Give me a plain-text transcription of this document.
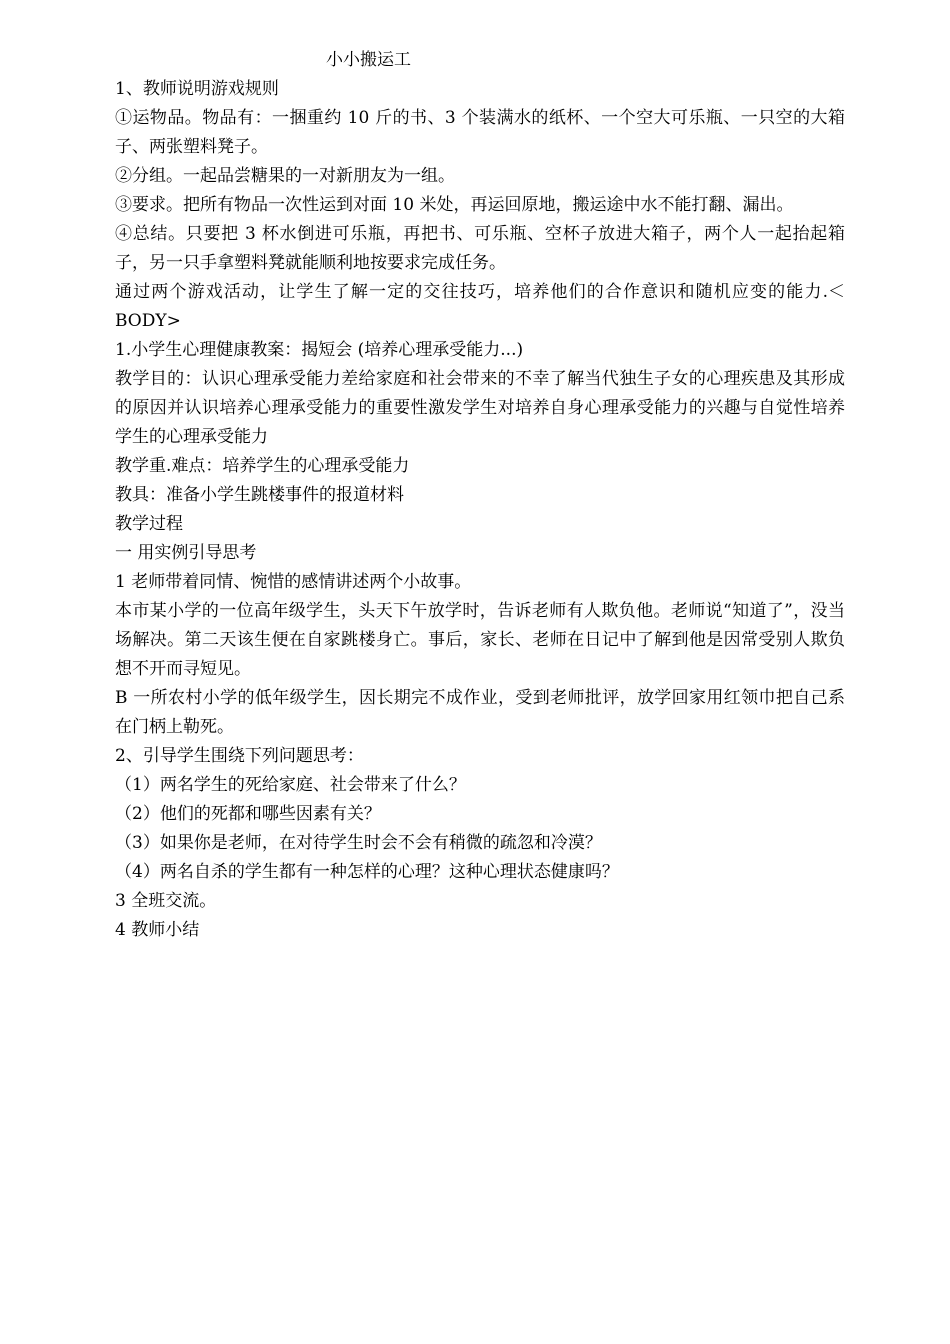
小小搬运工

1、教师说明游戏规则

①运物品。物品有：一捆重约 10 斤的书、3 个装满水的纸杯、一个空大可乐瓶、一只空的大箱子、两张塑料凳子。

②分组。一起品尝糖果的一对新朋友为一组。

③要求。把所有物品一次性运到对面 10 米处，再运回原地，搬运途中水不能打翻、漏出。

④总结。只要把 3 杯水倒进可乐瓶，再把书、可乐瓶、空杯子放进大箱子，两个人一起抬起箱子，另一只手拿塑料凳就能顺利地按要求完成任务。

通过两个游戏活动，让学生了解一定的交往技巧，培养他们的合作意识和随机应变的能力.＜BODY>

1.小学生心理健康教案：揭短会 (培养心理承受能力...)

教学目的：认识心理承受能力差给家庭和社会带来的不幸了解当代独生子女的心理疾患及其形成的原因并认识培养心理承受能力的重要性激发学生对培养自身心理承受能力的兴趣与自觉性培养学生的心理承受能力

教学重.难点：培养学生的心理承受能力

教具：准备小学生跳楼事件的报道材料

教学过程

一 用实例引导思考

1 老师带着同情、惋惜的感情讲述两个小故事。

本市某小学的一位高年级学生，头天下午放学时，告诉老师有人欺负他。老师说“知道了”，没当场解决。第二天该生便在自家跳楼身亡。事后，家长、老师在日记中了解到他是因常受别人欺负想不开而寻短见。

B 一所农村小学的低年级学生，因长期完不成作业，受到老师批评，放学回家用红领巾把自己系在门柄上勒死。

2、引导学生围绕下列问题思考：

（1）两名学生的死给家庭、社会带来了什么？

（2）他们的死都和哪些因素有关？

（3）如果你是老师，在对待学生时会不会有稍微的疏忽和冷漠？

（4）两名自杀的学生都有一种怎样的心理？这种心理状态健康吗？

3 全班交流。

4 教师小结
